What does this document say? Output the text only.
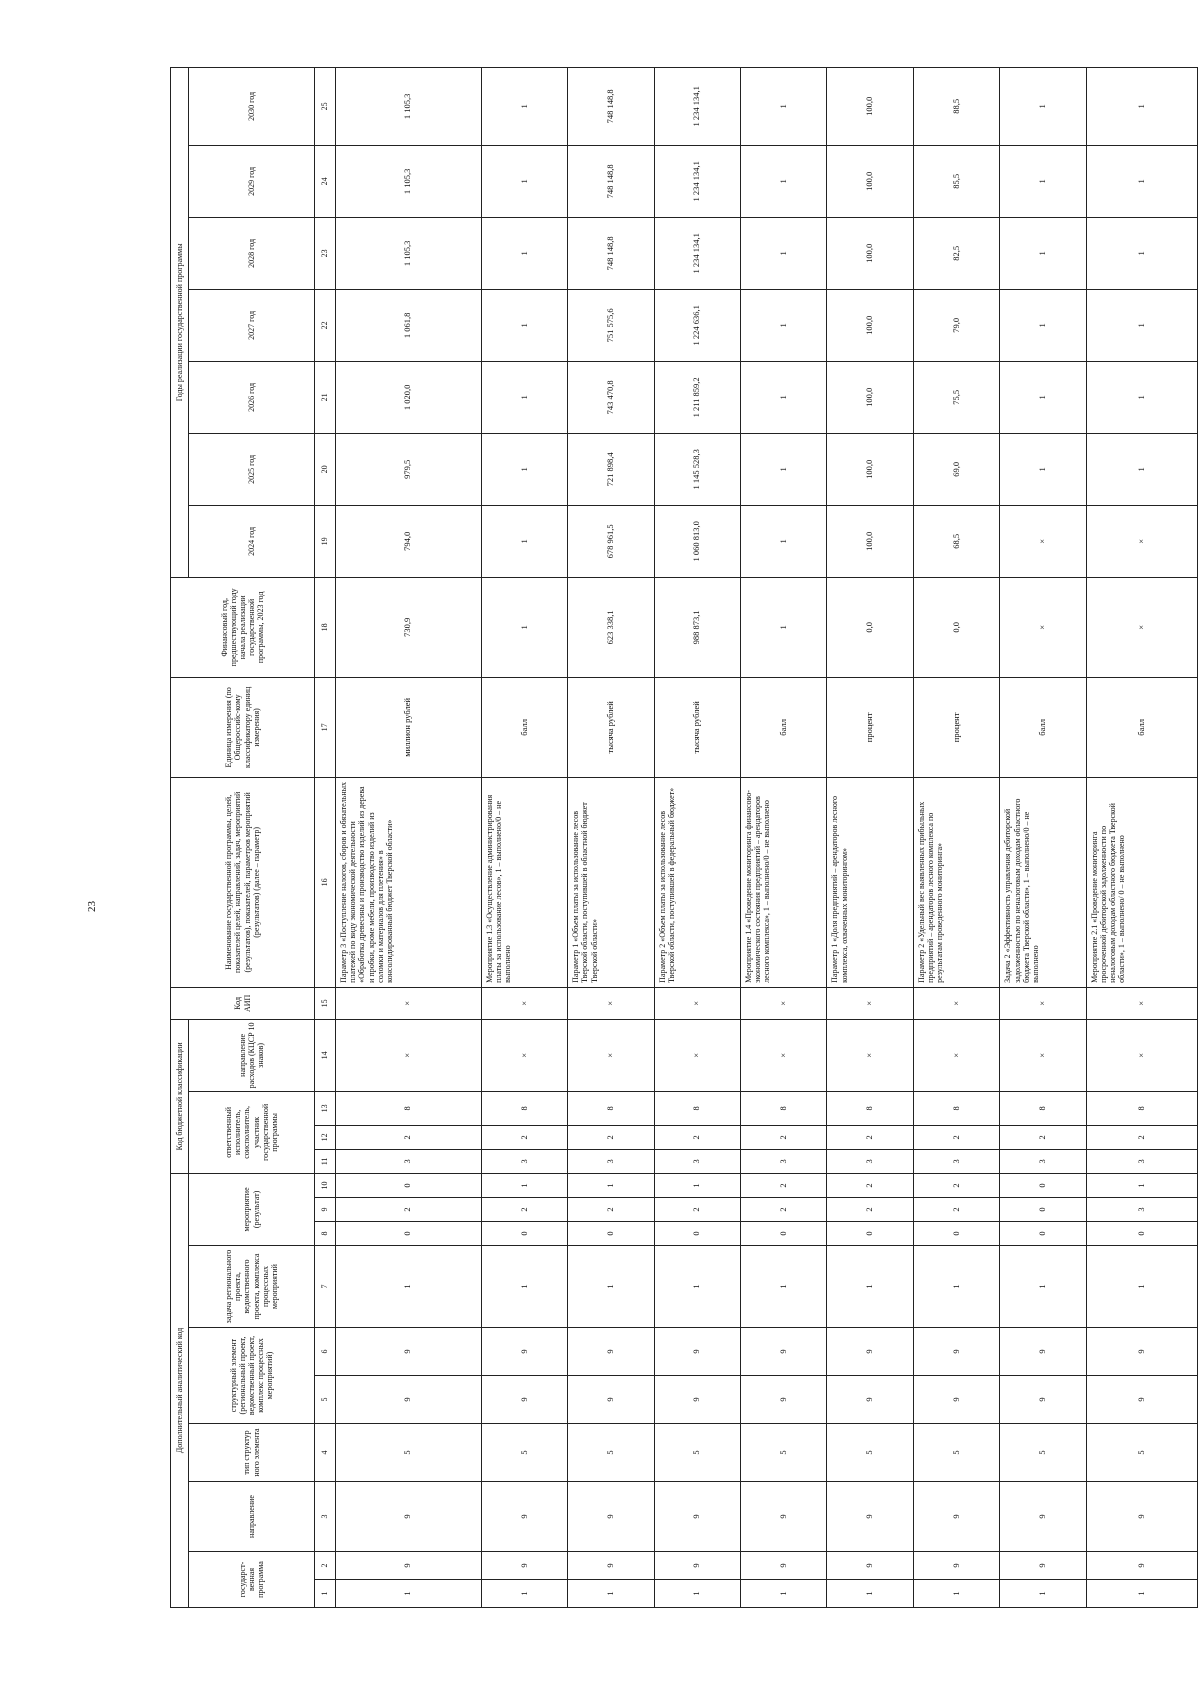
23
Дополнительный аналитический код										Код бюджетной классификации				Код АИП	Наименование государственной программы, целей, показателей целей, направлений, задач, мероприятий (результатов), показателей, параметров мероприятий (результатов) (далее – параметр)	Единица измерения (по Общероссийс-кому классификатору единиц измерения)	Финансовый год, предшествующий году начала реализации государственной программы, 2023 год	Годы реализации государственной программы						
государст-венная программа		направление	тип структур ного элемента	структурный элемент (региональный проект, ведомственный проект, комплекс процессных мероприятий)		задача регионального проекта, ведомственного проекта, комплекса процессных мероприятий	мероприятие (результат)			ответственный исполнитель, соисполнитель, участник государственной программы			направление расходов (КЦСР 10 знаков)					2024 год	2025 год	2026 год	2027 год	2028 год	2029 год	2030 год

1	2	3	4	5	6	7	8	9	10	11	12	13	14	15	16	17	18	19	20	21	22	23	24	25
1	9	9	5	9	9	1	0	2	0	3	2	8	×	×	Параметр 3 «Поступление налогов, сборов и обязательных платежей по виду экономической деятельности «Обработка древесины и производство изделий из дерева и пробки, кроме мебели, производство изделий из соломки и материалов для плетения» в консолидированный бюджет Тверской области»	миллион рублей	730,9	794,0	979,5	1 020,0	1 061,8	1 105,3	1 105,3	1 105,3
1	9	9	5	9	9	1	0	2	1	3	2	8	×	×	Мероприятие 1.3 «Осуществление администрирования платы за использование лесов», 1 – выполнено/0 – не выполнено	балл	1	1	1	1	1	1	1	1
1	9	9	5	9	9	1	0	2	1	3	2	8	×	×	Параметр 1 «Объем платы за использование лесов Тверской области, поступившей в областной бюджет Тверской области»	тысяча рублей	623 338,1	678 961,5	721 898,4	743 470,8	751 575,6	748 148,8	748 148,8	748 148,8
1	9	9	5	9	9	1	0	2	1	3	2	8	×	×	Параметр 2 «Объем платы за использование лесов Тверской области, поступившей в федеральный бюджет»	тысяча рублей	988 873,1	1 060 813,0	1 145 528,3	1 211 859,2	1 224 636,1	1 234 134,1	1 234 134,1	1 234 134,1
1	9	9	5	9	9	1	0	2	2	3	2	8	×	×	Мероприятие 1.4 «Проведение мониторинга финансово-экономического состояния предприятий – арендаторов лесного комплекса», 1 – выполнено/0 – не выполнено	балл	1	1	1	1	1	1	1	1
1	9	9	5	9	9	1	0	2	2	3	2	8	×	×	Параметр 1 «Доля предприятий – арендаторов лесного комплекса, охваченных мониторингом»	процент	0,0	100,0	100,0	100,0	100,0	100,0	100,0	100,0
1	9	9	5	9	9	1	0	2	2	3	2	8	×	×	Параметр 2 «Удельный вес выявленных прибыльных предприятий – арендаторов лесного комплекса по результатам проведенного мониторинга»	процент	0,0	68,5	69,0	75,5	79,0	82,5	85,5	88,5
1	9	9	5	9	9	1	0	0	0	3	2	8	×	×	Задача 2 «Эффективность управления дебиторской задолженностью по неналоговым доходам областного бюджета Тверской области», 1 – выполнено/0 – не выполнено	балл	×	×	1	1	1	1	1	1
1	9	9	5	9	9	1	0	3	1	3	2	8	×	×	Мероприятие 2.1 «Проведение мониторинга просроченной дебиторской задолженности по неналоговым доходам областного бюджета Тверской области», 1 – выполнено/ 0 – не выполнено	балл	×	×	1	1	1	1	1	1
